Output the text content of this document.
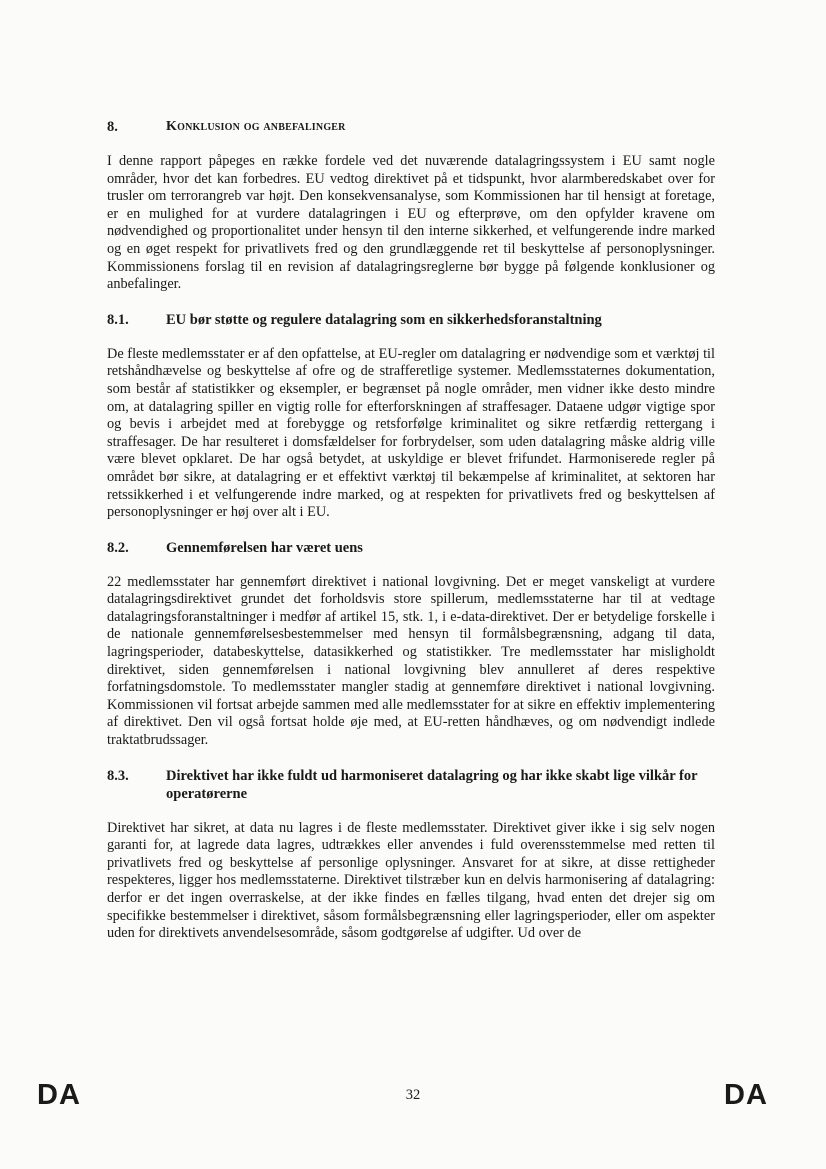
8.	Konklusion og anbefalinger

I denne rapport påpeges en række fordele ved det nuværende datalagringssystem i EU samt nogle områder, hvor det kan forbedres. EU vedtog direktivet på et tidspunkt, hvor alarmberedskabet over for trusler om terrorangreb var højt. Den konsekvensanalyse, som Kommissionen har til hensigt at foretage, er en mulighed for at vurdere datalagringen i EU og efterprøve, om den opfylder kravene om nødvendighed og proportionalitet under hensyn til den interne sikkerhed, et velfungerende indre marked og en øget respekt for privatlivets fred og den grundlæggende ret til beskyttelse af personoplysninger. Kommissionens forslag til en revision af datalagringsreglerne bør bygge på følgende konklusioner og anbefalinger.

8.1.	EU bør støtte og regulere datalagring som en sikkerhedsforanstaltning

De fleste medlemsstater er af den opfattelse, at EU-regler om datalagring er nødvendige som et værktøj til retshåndhævelse og beskyttelse af ofre og de strafferetlige systemer. Medlemsstaternes dokumentation, som består af statistikker og eksempler, er begrænset på nogle områder, men vidner ikke desto mindre om, at datalagring spiller en vigtig rolle for efterforskningen af straffesager. Dataene udgør vigtige spor og bevis i arbejdet med at forebygge og retsforfølge kriminalitet og sikre retfærdig rettergang i straffesager. De har resulteret i domsfældelser for forbrydelser, som uden datalagring måske aldrig ville være blevet opklaret. De har også betydet, at uskyldige er blevet frifundet. Harmoniserede regler på området bør sikre, at datalagring er et effektivt værktøj til bekæmpelse af kriminalitet, at sektoren har retssikkerhed i et velfungerende indre marked, og at respekten for privatlivets fred og beskyttelsen af personoplysninger er høj over alt i EU.

8.2.	Gennemførelsen har været uens

22 medlemsstater har gennemført direktivet i national lovgivning. Det er meget vanskeligt at vurdere datalagringsdirektivet grundet det forholdsvis store spillerum, medlemsstaterne har til at vedtage datalagringsforanstaltninger i medfør af artikel 15, stk. 1, i e-data-direktivet. Der er betydelige forskelle i de nationale gennemførelsesbestemmelser med hensyn til formålsbegrænsning, adgang til data, lagringsperioder, databeskyttelse, datasikkerhed og statistikker. Tre medlemsstater har misligholdt direktivet, siden gennemførelsen i national lovgivning blev annulleret af deres respektive forfatningsdomstole. To medlemsstater mangler stadig at gennemføre direktivet i national lovgivning. Kommissionen vil fortsat arbejde sammen med alle medlemsstater for at sikre en effektiv implementering af direktivet. Den vil også fortsat holde øje med, at EU-retten håndhæves, og om nødvendigt indlede traktatbrudssager.

8.3.	Direktivet har ikke fuldt ud harmoniseret datalagring og har ikke skabt lige vilkår for operatørerne

Direktivet har sikret, at data nu lagres i de fleste medlemsstater. Direktivet giver ikke i sig selv nogen garanti for, at lagrede data lagres, udtrækkes eller anvendes i fuld overensstemmelse med retten til privatlivets fred og beskyttelse af personlige oplysninger. Ansvaret for at sikre, at disse rettigheder respekteres, ligger hos medlemsstaterne. Direktivet tilstræber kun en delvis harmonisering af datalagring: derfor er det ingen overraskelse, at der ikke findes en fælles tilgang, hvad enten det drejer sig om specifikke bestemmelser i direktivet, såsom formålsbegrænsning eller lagringsperioder, eller om aspekter uden for direktivets anvendelsesområde, såsom godtgørelse af udgifter. Ud over de

DA	32	DA
